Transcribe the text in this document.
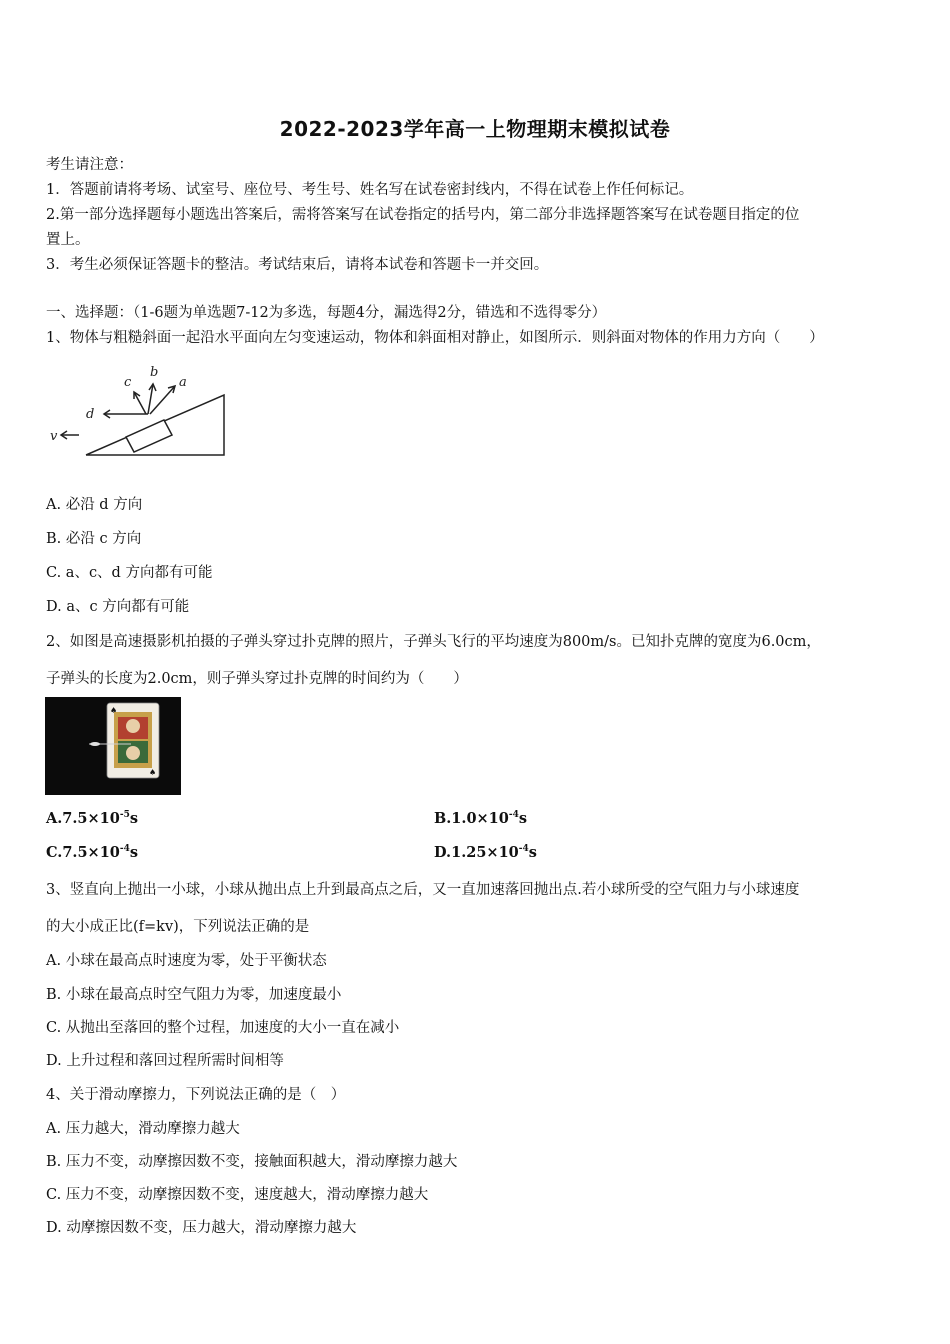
2022-2023学年高一上物理期末模拟试卷
考生请注意：
1．答题前请将考场、试室号、座位号、考生号、姓名写在试卷密封线内，不得在试卷上作任何标记。
2.第一部分选择题每小题选出答案后，需将答案写在试卷指定的括号内，第二部分非选择题答案写在试卷题目指定的位
置上。
3．考生必须保证答题卡的整洁。考试结束后，请将本试卷和答题卡一并交回。
一、选择题：（1-6题为单选题7-12为多选，每题4分，漏选得2分，错选和不选得零分）
1、物体与粗糙斜面一起沿水平面向左匀变速运动，物体和斜面相对静止，如图所示．则斜面对物体的作用力方向（　　）
a
b
c
d
v
A. 必沿 d 方向
B. 必沿 c 方向
C. a、c、d 方向都有可能
D. a、c 方向都有可能
2、如图是高速摄影机拍摄的子弹头穿过扑克牌的照片，子弹头飞行的平均速度为800m/s。已知扑克牌的宽度为6.0cm，
子弹头的长度为2.0cm，则子弹头穿过扑克牌的时间约为（　　）
♠
♠
$A.7.5\times 10^{-5}s$	$B.1.0\times 10^{-4}s$
$C.7.5\times 10^{-4}s$	$D.1.25\times 10^{-4}s$
3、竖直向上抛出一小球，小球从抛出点上升到最高点之后，又一直加速落回抛出点.若小球所受的空气阻力与小球速度
的大小成正比(f=kv)，下列说法正确的是
A. 小球在最高点时速度为零，处于平衡状态
B. 小球在最高点时空气阻力为零，加速度最小
C. 从抛出至落回的整个过程，加速度的大小一直在减小
D. 上升过程和落回过程所需时间相等
4、关于滑动摩擦力，下列说法正确的是（　）
A. 压力越大，滑动摩擦力越大
B. 压力不变，动摩擦因数不变，接触面积越大，滑动摩擦力越大
C. 压力不变，动摩擦因数不变，速度越大，滑动摩擦力越大
D. 动摩擦因数不变，压力越大，滑动摩擦力越大
